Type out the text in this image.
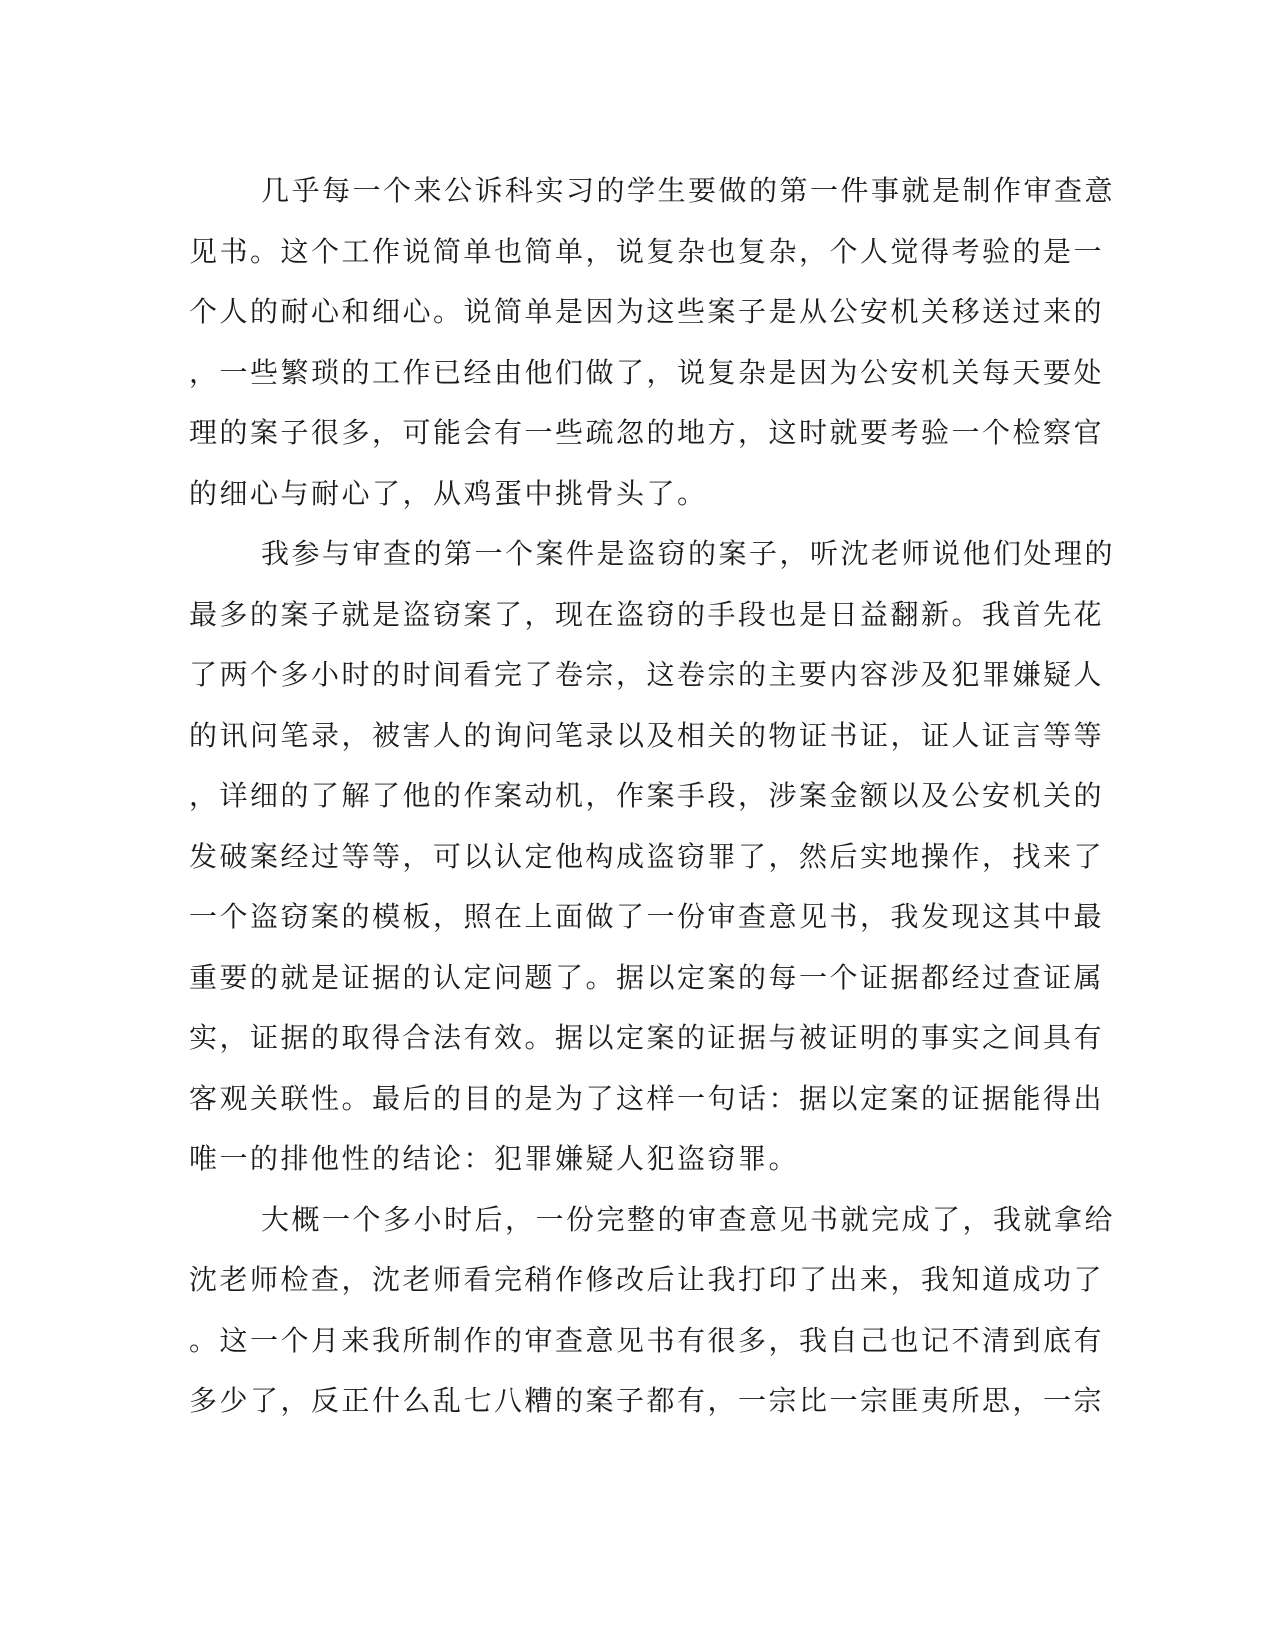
几乎每一个来公诉科实习的学生要做的第一件事就是制作审查意
见书。这个工作说简单也简单，说复杂也复杂，个人觉得考验的是一
个人的耐心和细心。说简单是因为这些案子是从公安机关移送过来的
，一些繁琐的工作已经由他们做了，说复杂是因为公安机关每天要处
理的案子很多，可能会有一些疏忽的地方，这时就要考验一个检察官
的细心与耐心了，从鸡蛋中挑骨头了。
我参与审查的第一个案件是盗窃的案子，听沈老师说他们处理的
最多的案子就是盗窃案了，现在盗窃的手段也是日益翻新。我首先花
了两个多小时的时间看完了卷宗，这卷宗的主要内容涉及犯罪嫌疑人
的讯问笔录，被害人的询问笔录以及相关的物证书证，证人证言等等
，详细的了解了他的作案动机，作案手段，涉案金额以及公安机关的
发破案经过等等，可以认定他构成盗窃罪了，然后实地操作，找来了
一个盗窃案的模板，照在上面做了一份审查意见书，我发现这其中最
重要的就是证据的认定问题了。据以定案的每一个证据都经过查证属
实，证据的取得合法有效。据以定案的证据与被证明的事实之间具有
客观关联性。最后的目的是为了这样一句话：据以定案的证据能得出
唯一的排他性的结论：犯罪嫌疑人犯盗窃罪。
大概一个多小时后，一份完整的审查意见书就完成了，我就拿给
沈老师检查，沈老师看完稍作修改后让我打印了出来，我知道成功了
。这一个月来我所制作的审查意见书有很多，我自己也记不清到底有
多少了，反正什么乱七八糟的案子都有，一宗比一宗匪夷所思，一宗
